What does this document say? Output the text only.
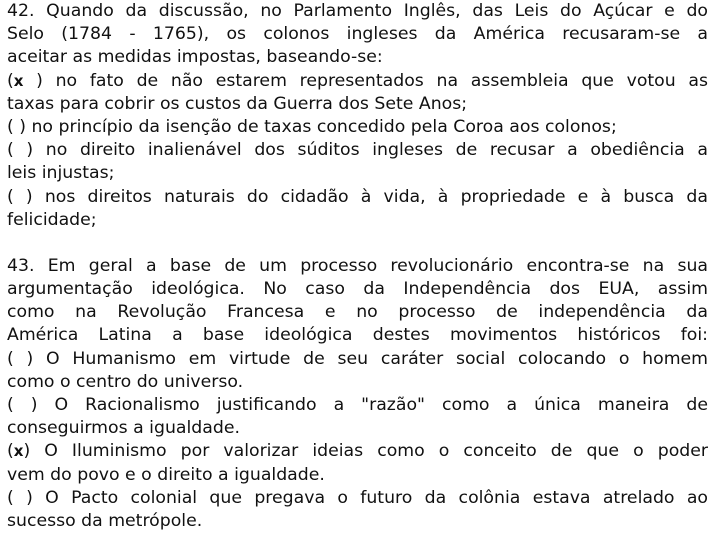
42. Quando da discussão, no Parlamento Inglês, das Leis do Açúcar e do
Selo (1784 - 1765), os colonos ingleses da América recusaram-se a
aceitar as medidas impostas, baseando-se:
(x ) no fato de não estarem representados na assembleia que votou as
taxas para cobrir os custos da Guerra dos Sete Anos;
( ) no princípio da isenção de taxas concedido pela Coroa aos colonos;
( ) no direito inalienável dos súditos ingleses de recusar a obediência a
leis injustas;
( ) nos direitos naturais do cidadão à vida, à propriedade e à busca da
felicidade;
43. Em geral a base de um processo revolucionário encontra-se na sua
argumentação ideológica. No caso da Independência dos EUA, assim
como na Revolução Francesa e no processo de independência da
América Latina a base ideológica destes movimentos históricos foi:
( ) O Humanismo em virtude de seu caráter social colocando o homem
como o centro do universo.
( ) O Racionalismo justificando a "razão" como a única maneira de
conseguirmos a igualdade.
(x) O Iluminismo por valorizar ideias como o conceito de que o poder
vem do povo e o direito a igualdade.
( ) O Pacto colonial que pregava o futuro da colônia estava atrelado ao
sucesso da metrópole.
